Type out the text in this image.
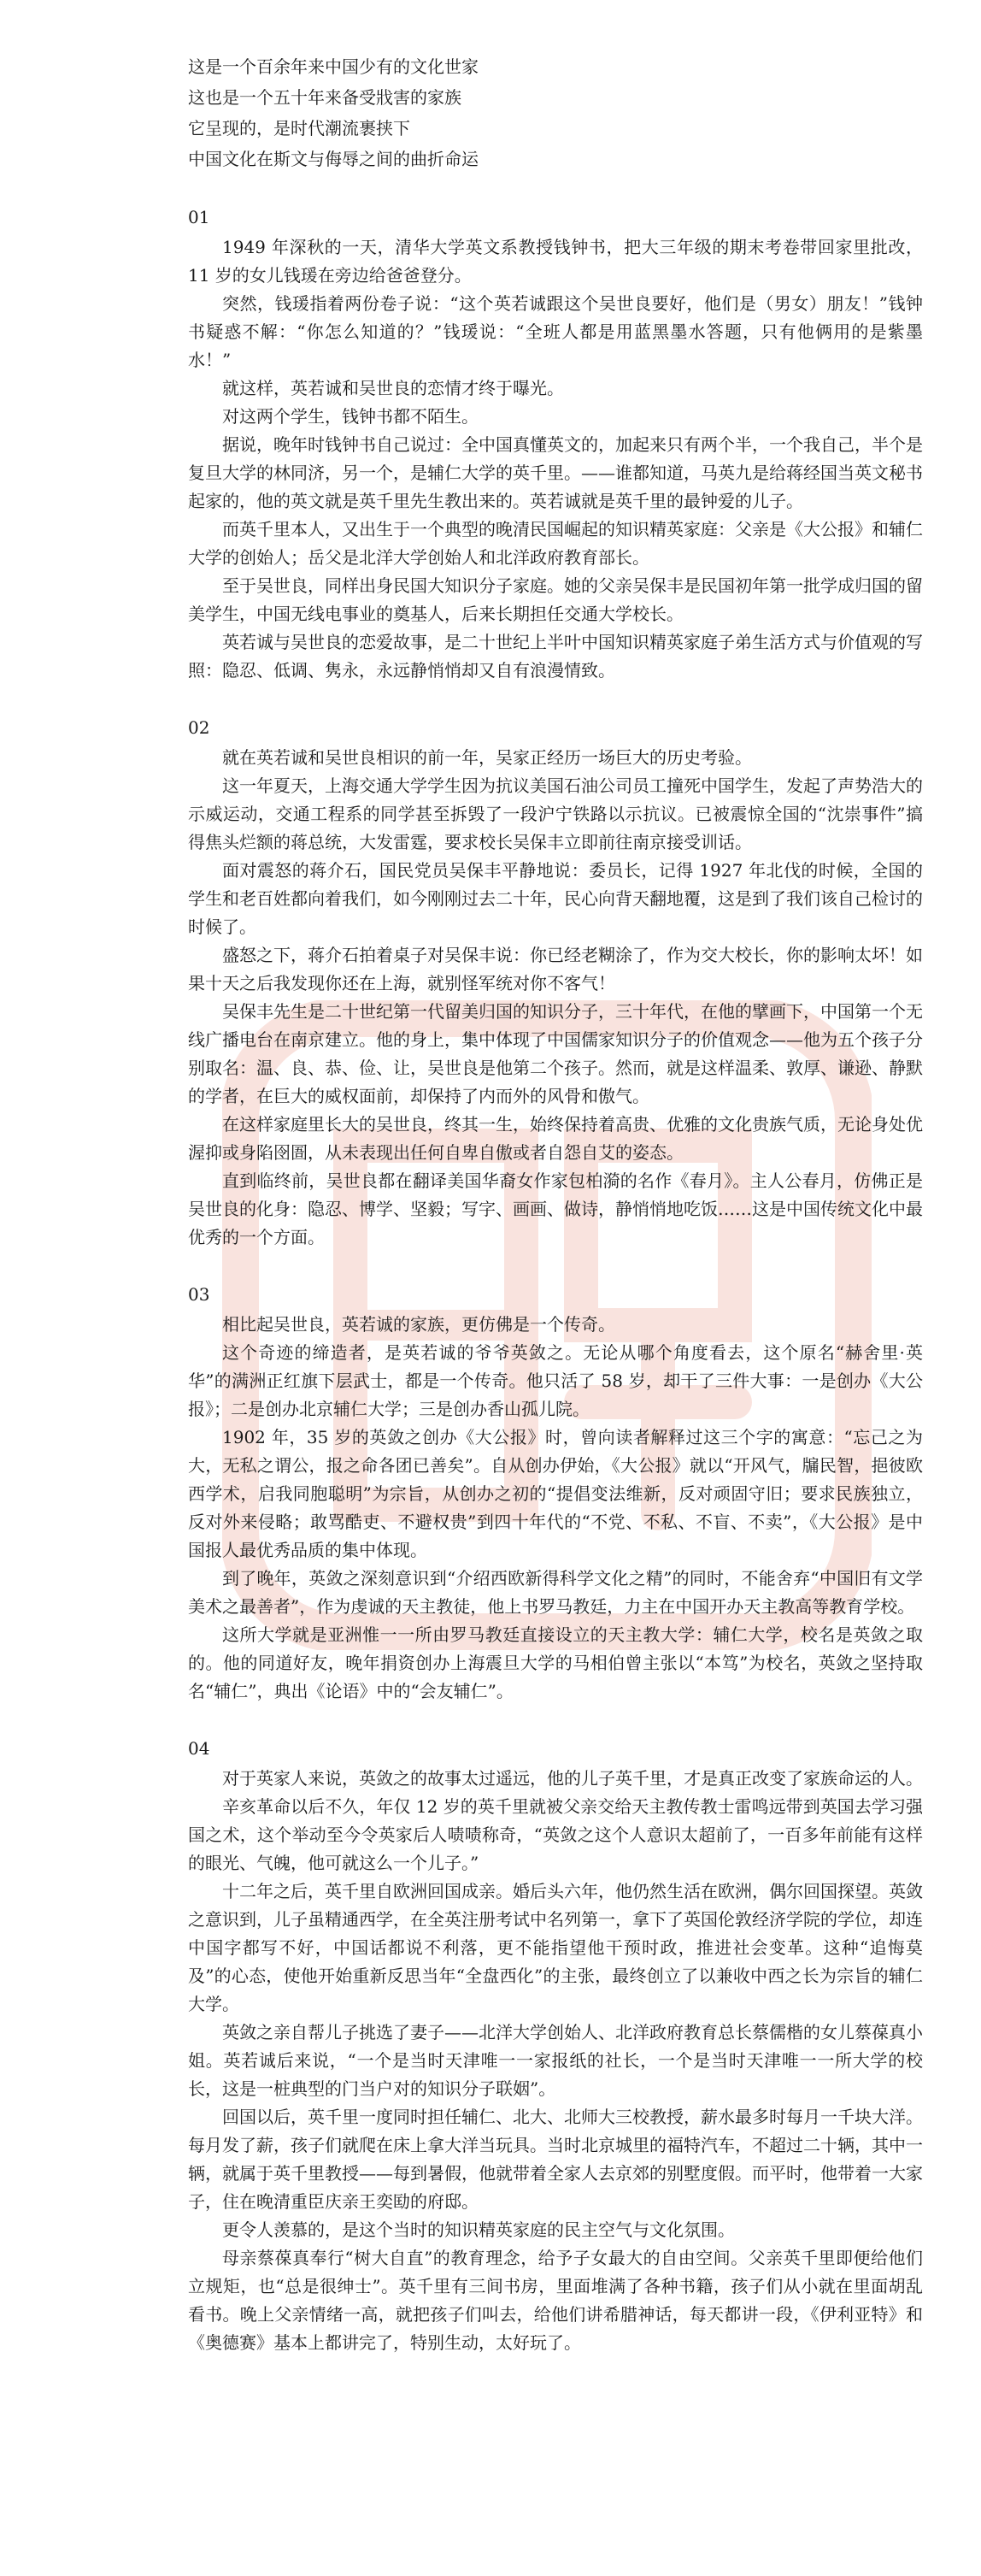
这是一个百余年来中国少有的文化世家

这也是一个五十年来备受戕害的家族

它呈现的，是时代潮流裹挟下

中国文化在斯文与侮辱之间的曲折命运

01

1949 年深秋的一天，清华大学英文系教授钱钟书，把大三年级的期末考卷带回家里批改，11 岁的女儿钱瑗在旁边给爸爸登分。

突然，钱瑗指着两份卷子说：“这个英若诚跟这个吴世良要好，他们是（男女）朋友！”钱钟书疑惑不解：“你怎么知道的？”钱瑗说：“全班人都是用蓝黑墨水答题，只有他俩用的是紫墨水！”

就这样，英若诚和吴世良的恋情才终于曝光。

对这两个学生，钱钟书都不陌生。

据说，晚年时钱钟书自己说过：全中国真懂英文的，加起来只有两个半，一个我自己，半个是复旦大学的林同济，另一个，是辅仁大学的英千里。——谁都知道，马英九是给蒋经国当英文秘书起家的，他的英文就是英千里先生教出来的。英若诚就是英千里的最钟爱的儿子。

而英千里本人，又出生于一个典型的晚清民国崛起的知识精英家庭：父亲是《大公报》和辅仁大学的创始人；岳父是北洋大学创始人和北洋政府教育部长。

至于吴世良，同样出身民国大知识分子家庭。她的父亲吴保丰是民国初年第一批学成归国的留美学生，中国无线电事业的奠基人，后来长期担任交通大学校长。

英若诚与吴世良的恋爱故事，是二十世纪上半叶中国知识精英家庭子弟生活方式与价值观的写照：隐忍、低调、隽永，永远静悄悄却又自有浪漫情致。

02

就在英若诚和吴世良相识的前一年，吴家正经历一场巨大的历史考验。

这一年夏天，上海交通大学学生因为抗议美国石油公司员工撞死中国学生，发起了声势浩大的示威运动，交通工程系的同学甚至拆毁了一段沪宁铁路以示抗议。已被震惊全国的“沈崇事件”搞得焦头烂额的蒋总统，大发雷霆，要求校长吴保丰立即前往南京接受训话。

面对震怒的蒋介石，国民党员吴保丰平静地说：委员长，记得 1927 年北伐的时候，全国的学生和老百姓都向着我们，如今刚刚过去二十年，民心向背天翻地覆，这是到了我们该自己检讨的时候了。

盛怒之下，蒋介石拍着桌子对吴保丰说：你已经老糊涂了，作为交大校长，你的影响太坏！如果十天之后我发现你还在上海，就别怪军统对你不客气！

吴保丰先生是二十世纪第一代留美归国的知识分子，三十年代，在他的擘画下，中国第一个无线广播电台在南京建立。他的身上，集中体现了中国儒家知识分子的价值观念——他为五个孩子分别取名：温、良、恭、俭、让，吴世良是他第二个孩子。然而，就是这样温柔、敦厚、谦逊、静默的学者，在巨大的威权面前，却保持了内而外的风骨和傲气。

在这样家庭里长大的吴世良，终其一生，始终保持着高贵、优雅的文化贵族气质，无论身处优渥抑或身陷囹圄，从未表现出任何自卑自傲或者自怨自艾的姿态。

直到临终前，吴世良都在翻译美国华裔女作家包柏漪的名作《春月》。主人公春月，仿佛正是吴世良的化身：隐忍、博学、坚毅；写字、画画、做诗，静悄悄地吃饭……这是中国传统文化中最优秀的一个方面。

03

相比起吴世良，英若诚的家族，更仿佛是一个传奇。

这个奇迹的缔造者，是英若诚的爷爷英敛之。无论从哪个角度看去，这个原名“赫舍里·英华”的满洲正红旗下层武士，都是一个传奇。他只活了 58 岁，却干了三件大事：一是创办《大公报》；二是创办北京辅仁大学；三是创办香山孤儿院。

1902 年，35 岁的英敛之创办《大公报》时，曾向读者解释过这三个字的寓意：“忘己之为大，无私之谓公，报之命各团已善矣”。自从创办伊始，《大公报》就以“开风气，牖民智，挹彼欧西学术，启我同胞聪明”为宗旨，从创办之初的“提倡变法维新，反对顽固守旧；要求民族独立，反对外来侵略；敢骂酷吏、不避权贵”到四十年代的“不党、不私、不盲、不卖”，《大公报》是中国报人最优秀品质的集中体现。

到了晚年，英敛之深刻意识到“介绍西欧新得科学文化之精”的同时，不能舍弃“中国旧有文学美术之最善者”，作为虔诚的天主教徒，他上书罗马教廷，力主在中国开办天主教高等教育学校。

这所大学就是亚洲惟一一所由罗马教廷直接设立的天主教大学：辅仁大学，校名是英敛之取的。他的同道好友，晚年捐资创办上海震旦大学的马相伯曾主张以“本笃”为校名，英敛之坚持取名“辅仁”，典出《论语》中的“会友辅仁”。

04

对于英家人来说，英敛之的故事太过遥远，他的儿子英千里，才是真正改变了家族命运的人。

辛亥革命以后不久，年仅 12 岁的英千里就被父亲交给天主教传教士雷鸣远带到英国去学习强国之术，这个举动至今令英家后人啧啧称奇，“英敛之这个人意识太超前了，一百多年前能有这样的眼光、气魄，他可就这么一个儿子。”

十二年之后，英千里自欧洲回国成亲。婚后头六年，他仍然生活在欧洲，偶尔回国探望。英敛之意识到，儿子虽精通西学，在全英注册考试中名列第一，拿下了英国伦敦经济学院的学位，却连中国字都写不好，中国话都说不利落，更不能指望他干预时政，推进社会变革。这种“追悔莫及”的心态，使他开始重新反思当年“全盘西化”的主张，最终创立了以兼收中西之长为宗旨的辅仁大学。

英敛之亲自帮儿子挑选了妻子——北洋大学创始人、北洋政府教育总长蔡儒楷的女儿蔡葆真小姐。英若诚后来说，“一个是当时天津唯一一家报纸的社长，一个是当时天津唯一一所大学的校长，这是一桩典型的门当户对的知识分子联姻”。

回国以后，英千里一度同时担任辅仁、北大、北师大三校教授，薪水最多时每月一千块大洋。每月发了薪，孩子们就爬在床上拿大洋当玩具。当时北京城里的福特汽车，不超过二十辆，其中一辆，就属于英千里教授——每到暑假，他就带着全家人去京郊的别墅度假。而平时，他带着一大家子，住在晚清重臣庆亲王奕劻的府邸。

更令人羡慕的，是这个当时的知识精英家庭的民主空气与文化氛围。

母亲蔡葆真奉行“树大自直”的教育理念，给予子女最大的自由空间。父亲英千里即便给他们立规矩，也“总是很绅士”。英千里有三间书房，里面堆满了各种书籍，孩子们从小就在里面胡乱看书。晚上父亲情绪一高，就把孩子们叫去，给他们讲希腊神话，每天都讲一段，《伊利亚特》和《奥德赛》基本上都讲完了，特别生动，太好玩了。
